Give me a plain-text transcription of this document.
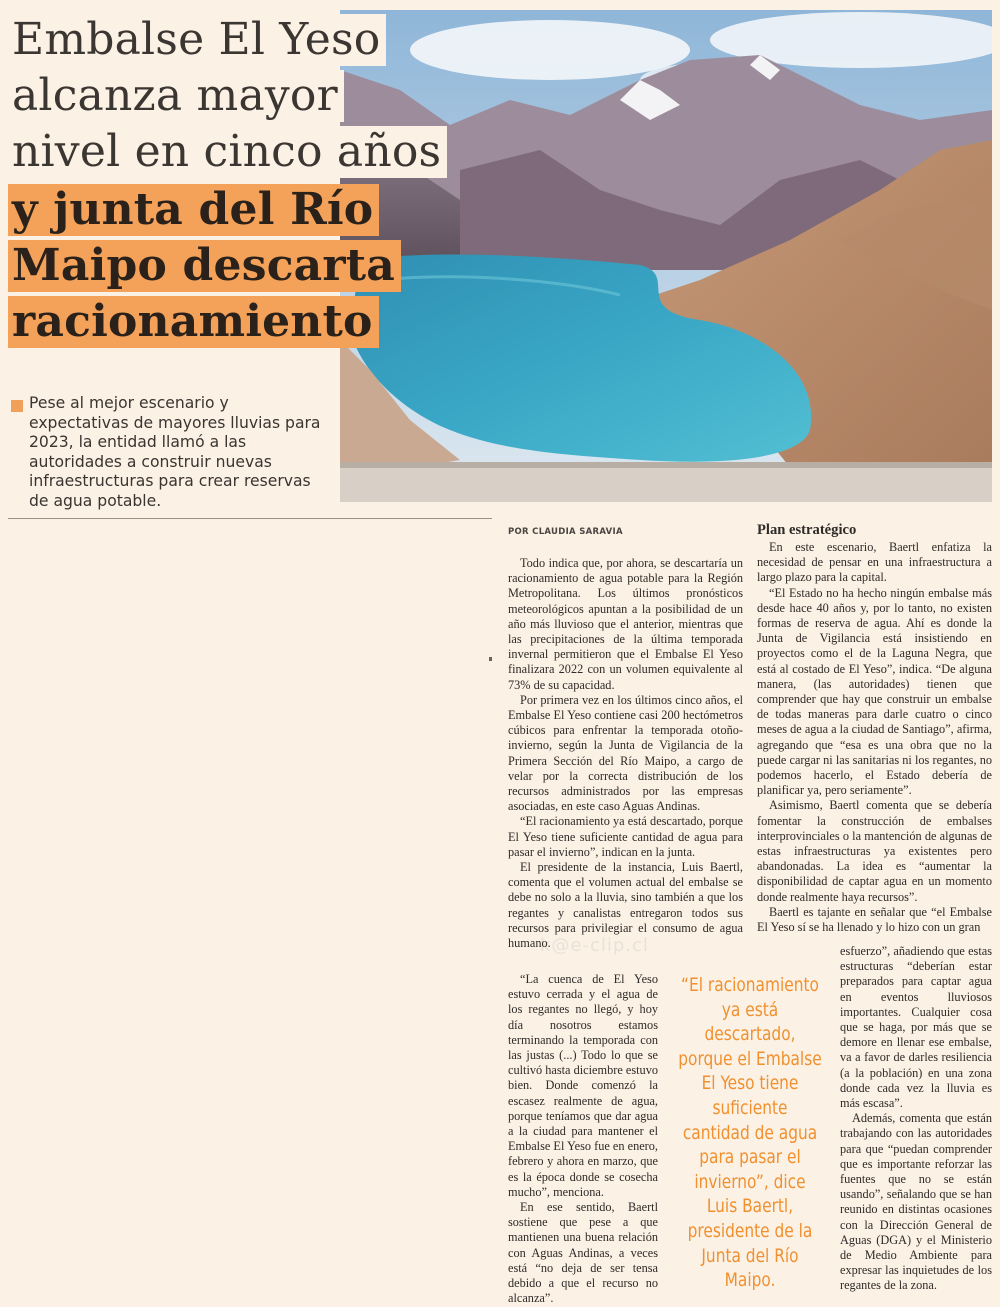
Embalse El Yeso
alcanza mayor
nivel en cinco años
y junta del Río
Maipo descarta
racionamiento
Pese al mejor escenario y expectativas de mayores lluvias para 2023, la entidad llamó a las autoridades a construir nuevas infraestructuras para crear reservas de agua potable.
POR CLAUDIA SARAVIA
k@e-clip.cl

Todo indica que, por ahora, se descartaría un racionamiento de agua potable para la Región Metropolitana. Los últimos pronósticos meteorológicos apuntan a la posibilidad de un año más lluvioso que el anterior, mientras que las precipitaciones de la última temporada invernal permitieron que el Embalse El Yeso finalizara 2022 con un volumen equivalente al 73% de su capacidad.

Por primera vez en los últimos cinco años, el Embalse El Yeso contiene casi 200 hectómetros cúbicos para enfrentar la temporada otoño-invierno, según la Junta de Vigilancia de la Primera Sección del Río Maipo, a cargo de velar por la correcta distribución de los recursos administrados por las empresas asociadas, en este caso Aguas Andinas.

“El racionamiento ya está descartado, porque El Yeso tiene suficiente cantidad de agua para pasar el invierno”, indican en la junta.

El presidente de la instancia, Luis Baertl, comenta que el volumen actual del embalse se debe no solo a la lluvia, sino también a que los regantes y canalistas entregaron todos sus recursos para privilegiar el consumo de agua humano.

“La cuenca de El Yeso estuvo cerrada y el agua de los regantes no llegó, y hoy día nosotros estamos terminando la temporada con las justas (...) Todo lo que se cultivó hasta diciembre estuvo bien. Donde comenzó la escasez realmente de agua, porque teníamos que dar agua a la ciudad para mantener el Embalse El Yeso fue en enero, febrero y ahora en marzo, que es la época donde se cosecha mucho”, menciona.

En ese sentido, Baertl sostiene que pese a que mantienen una buena relación con Aguas Andinas, a veces está “no deja de ser tensa debido a que el recurso no alcanza”.

“El racionamiento ya está descartado, porque el Embalse El Yeso tiene suficiente cantidad de agua para pasar el invierno”, dice Luis Baertl, presidente de la Junta del Río Maipo.
Plan estratégico

En este escenario, Baertl enfatiza la necesidad de pensar en una infraestructura a largo plazo para la capital.

“El Estado no ha hecho ningún embalse más desde hace 40 años y, por lo tanto, no existen formas de reserva de agua. Ahí es donde la Junta de Vigilancia está insistiendo en proyectos como el de la Laguna Negra, que está al costado de El Yeso”, indica. “De alguna manera, (las autoridades) tienen que comprender que hay que construir un embalse de todas maneras para darle cuatro o cinco meses de agua a la ciudad de Santiago”, afirma, agregando que “esa es una obra que no la puede cargar ni las sanitarias ni los regantes, no podemos hacerlo, el Estado debería de planificar ya, pero seriamente”.

Asimismo, Baertl comenta que se debería fomentar la construcción de embalses interprovinciales o la mantención de algunas de estas infraestructuras ya existentes pero abandonadas. La idea es “aumentar la disponibilidad de captar agua en un momento donde realmente haya recursos”.

Baertl es tajante en señalar que “el Embalse El Yeso sí se ha llenado y lo hizo con un gran

esfuerzo”, añadiendo que estas estructuras “deberían estar preparados para captar agua en eventos lluviosos importantes. Cualquier cosa que se haga, por más que se demore en llenar ese embalse, va a favor de darles resiliencia (a la población) en una zona donde cada vez la lluvia es más escasa”.

Además, comenta que están trabajando con las autoridades para que “puedan comprender que es importante reforzar las fuentes que no se están usando”, señalando que se han reunido en distintas ocasiones con la Dirección General de Aguas (DGA) y el Ministerio de Medio Ambiente para expresar las inquietudes de los regantes de la zona.
